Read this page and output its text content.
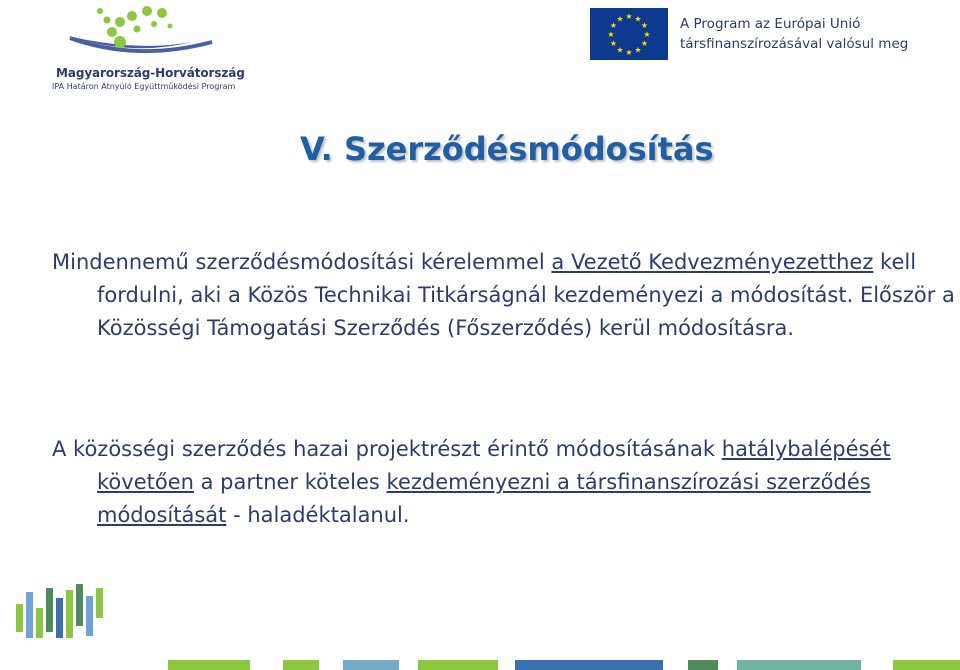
Magyarország-Horvátország
IPA Határon Átnyúló Együttműködési Program
★ ★
★
★
★
★
★
★
★
★
★
★	A Program az Európai Unió
társfinanszírozásával valósul meg
V. Szerződésmódosítás

Mindennemű szerződésmódosítási kérelemmel a Vezető Kedvezményezetthez kell fordulni, aki a Közös Technikai Titkárságnál kezdeményezi a módosítást. Először a Közösségi Támogatási Szerződés (Főszerződés) kerül módosításra.

A közösségi szerződés hazai projektrészt érintő módosításának hatálybalépését követően a partner köteles kezdeményezni a társfinanszírozási szerződés módosítását - haladéktalanul.
